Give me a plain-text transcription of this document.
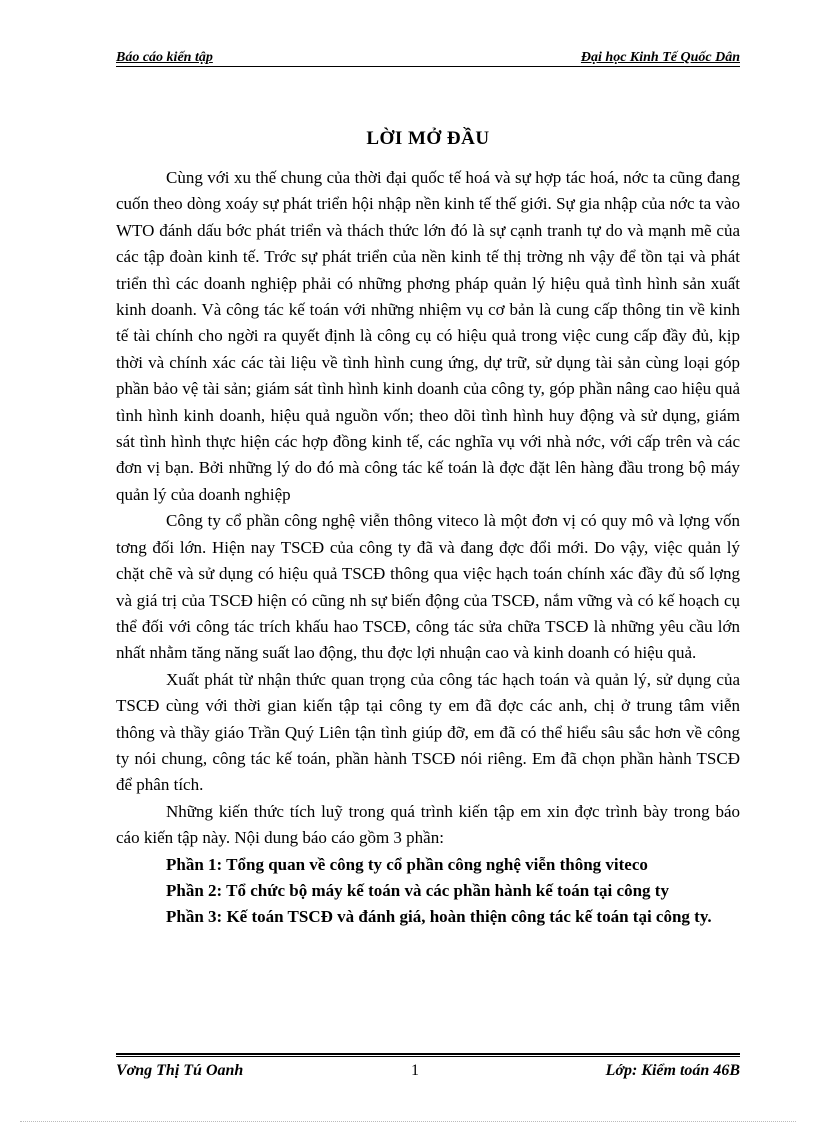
Báo cáo kiến tập	Đại học Kinh Tế Quốc Dân
LỜI MỞ ĐẦU

Cùng với xu thế chung của thời đại quốc tế hoá và sự hợp tác hoá, nớc ta cũng đang cuốn theo dòng xoáy sự phát triển hội nhập nền kinh tế thế giới. Sự gia nhập của nớc ta vào WTO đánh dấu bớc phát triển và thách thức lớn đó là sự cạnh tranh tự do và mạnh mẽ của các tập đoàn kinh tế. Trớc sự phát triển của nền kinh tế thị trờng nh vậy để tồn tại và phát triển thì các doanh nghiệp phải có những phơng pháp quản lý hiệu quả tình hình sản xuất kinh doanh. Và công tác kế toán với những nhiệm vụ cơ bản là cung cấp thông tin về kinh tế tài chính cho ngời ra quyết định là công cụ có hiệu quả trong việc cung cấp đầy đủ, kịp thời và chính xác các tài liệu về tình hình cung ứng, dự trữ, sử dụng tài sản cùng loại góp phần bảo vệ tài sản; giám sát tình hình kinh doanh của công ty, góp phần nâng cao hiệu quả tình hình kinh doanh, hiệu quả nguồn vốn; theo dõi tình hình huy động và sử dụng, giám sát tình hình thực hiện các hợp đồng kinh tế, các nghĩa vụ với nhà nớc, với cấp trên và các đơn vị bạn. Bởi những lý do đó mà công tác kế toán là đợc đặt lên hàng đầu trong bộ máy quản lý của doanh nghiệp

Công ty cổ phần công nghệ viễn thông viteco là một đơn vị có quy mô và lợng vốn tơng đối lớn. Hiện nay TSCĐ của công ty đã và đang đợc đổi mới. Do vậy, việc quản lý chặt chẽ và sử dụng có hiệu quả TSCĐ thông qua việc hạch toán chính xác đầy đủ số lợng và giá trị của TSCĐ hiện có cũng nh sự biến động của TSCĐ, nắm vững và có kế hoạch cụ thể đối với công tác trích khấu hao TSCĐ, công tác sửa chữa TSCĐ là những yêu cầu lớn nhất nhằm tăng năng suất lao động, thu đợc lợi nhuận cao và kinh doanh có hiệu quả.

Xuất phát từ nhận thức quan trọng của công tác hạch toán và quản lý, sử dụng của TSCĐ cùng với thời gian kiến tập tại công ty em đã đợc các anh, chị ở trung tâm viễn thông và thầy giáo Trần Quý Liên tận tình giúp đỡ, em đã có thể hiểu sâu sắc hơn về công ty nói chung, công tác kế toán, phần hành TSCĐ nói riêng. Em đã chọn phần hành TSCĐ để phân tích.

Những kiến thức tích luỹ trong quá trình kiến tập em xin đợc trình bày trong báo cáo kiến tập này. Nội dung báo cáo gồm 3 phần:

Phần 1: Tổng quan về công ty cổ phần công nghệ viễn thông viteco

Phần 2: Tổ chức bộ máy kế toán và các phần hành kế toán tại công ty

Phần 3: Kế toán TSCĐ và đánh giá, hoàn thiện công tác kế toán tại công ty.

Vơng Thị Tú Oanh	1	Lớp: Kiểm toán 46B
